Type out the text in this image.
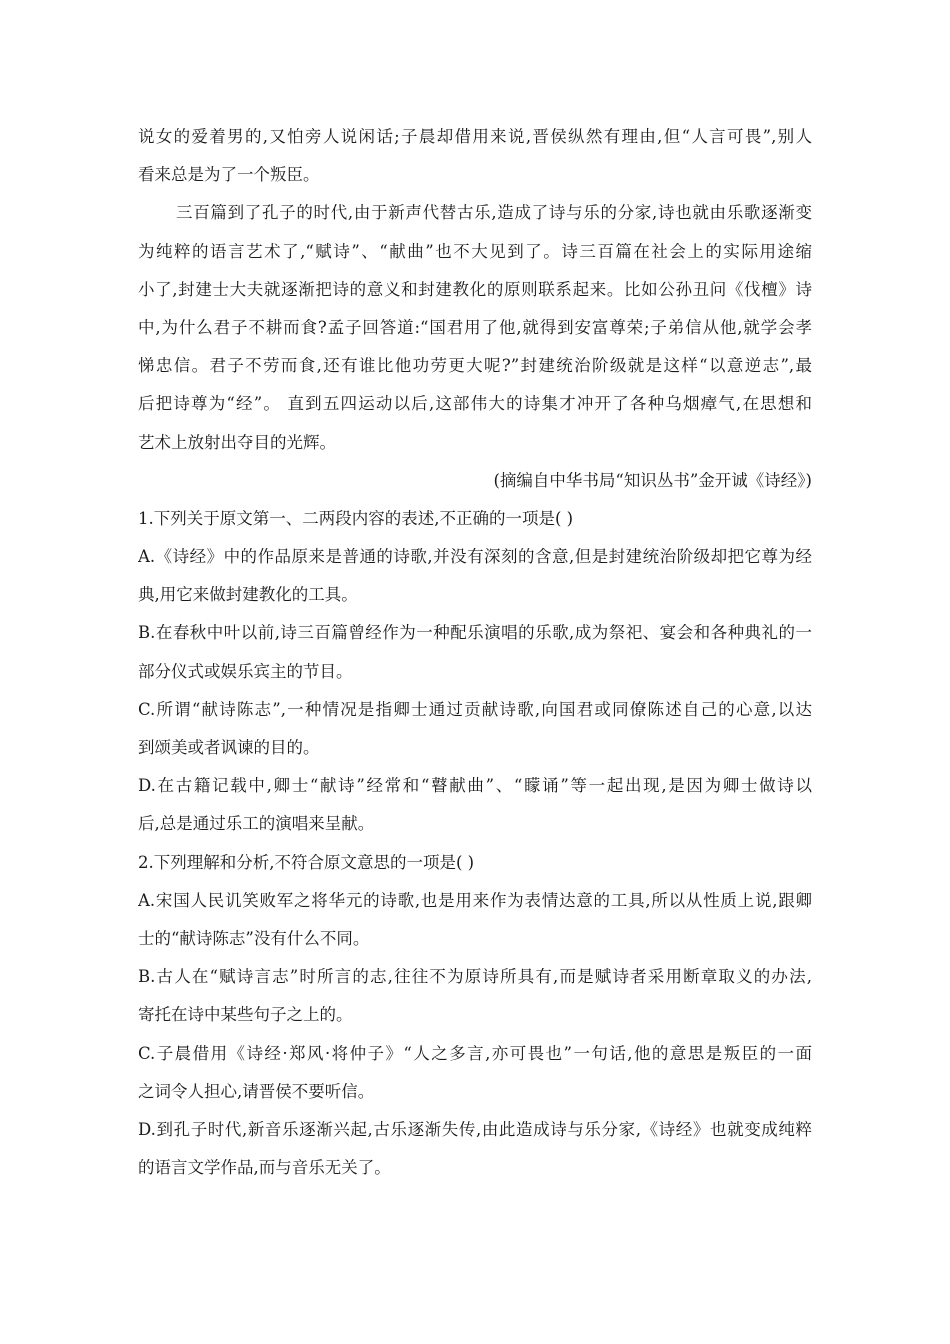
说女的爱着男的,又怕旁人说闲话;子晨却借用来说,晋侯纵然有理由,但“人言可畏”,别人
看来总是为了一个叛臣。
三百篇到了孔子的时代,由于新声代替古乐,造成了诗与乐的分家,诗也就由乐歌逐渐变
为纯粹的语言艺术了,“赋诗”、“献曲”也不大见到了。诗三百篇在社会上的实际用途缩
小了,封建士大夫就逐渐把诗的意义和封建教化的原则联系起来。比如公孙丑问《伐檀》诗
中,为什么君子不耕而食?孟子回答道:“国君用了他,就得到安富尊荣;子弟信从他,就学会孝
悌忠信。君子不劳而食,还有谁比他功劳更大呢?”封建统治阶级就是这样“以意逆志”,最
后把诗尊为“经”。 直到五四运动以后,这部伟大的诗集才冲开了各种乌烟瘴气,在思想和
艺术上放射出夺目的光辉。
(摘编自中华书局“知识丛书”金开诚《诗经》)
1.下列关于原文第一、二两段内容的表述,不正确的一项是( )
A.《诗经》中的作品原来是普通的诗歌,并没有深刻的含意,但是封建统治阶级却把它尊为经
典,用它来做封建教化的工具。
B.在春秋中叶以前,诗三百篇曾经作为一种配乐演唱的乐歌,成为祭祀、宴会和各种典礼的一
部分仪式或娱乐宾主的节目。
C.所谓“献诗陈志”,一种情况是指卿士通过贡献诗歌,向国君或同僚陈述自己的心意,以达
到颂美或者讽谏的目的。
D.在古籍记载中,卿士“献诗”经常和“瞽献曲”、“矇诵”等一起出现,是因为卿士做诗以
后,总是通过乐工的演唱来呈献。
2.下列理解和分析,不符合原文意思的一项是( )
A.宋国人民讥笑败军之将华元的诗歌,也是用来作为表情达意的工具,所以从性质上说,跟卿
士的“献诗陈志”没有什么不同。
B.古人在“赋诗言志”时所言的志,往往不为原诗所具有,而是赋诗者采用断章取义的办法,
寄托在诗中某些句子之上的。
C.子晨借用《诗经·郑风·将仲子》“人之多言,亦可畏也”一句话,他的意思是叛臣的一面
之词令人担心,请晋侯不要听信。
D.到孔子时代,新音乐逐渐兴起,古乐逐渐失传,由此造成诗与乐分家,《诗经》也就变成纯粹
的语言文学作品,而与音乐无关了。
